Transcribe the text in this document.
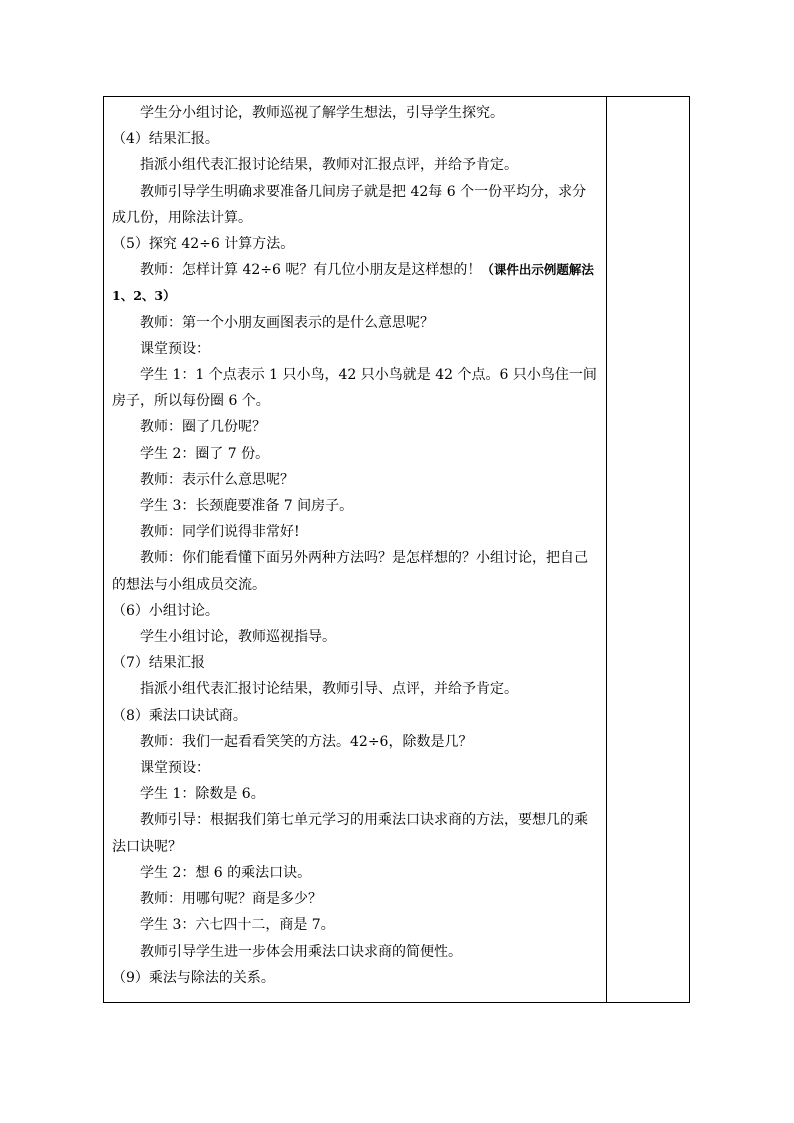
学生分小组讨论，教师巡视了解学生想法，引导学生探究。

（4）结果汇报。

指派小组代表汇报讨论结果，教师对汇报点评，并给予肯定。

教师引导学生明确求要准备几间房子就是把 42每 6 个一份平均分，求分成几份，用除法计算。

（5）探究 42÷6 计算方法。

教师：怎样计算 42÷6 呢？有几位小朋友是这样想的！（课件出示例题解法 1、2、3）

教师：第一个小朋友画图表示的是什么意思呢？

课堂预设：

学生 1：1 个点表示 1 只小鸟，42 只小鸟就是 42 个点。6 只小鸟住一间房子，所以每份圈 6 个。

教师：圈了几份呢？

学生 2：圈了 7 份。

教师：表示什么意思呢？

学生 3：长颈鹿要准备 7 间房子。

教师：同学们说得非常好!

教师：你们能看懂下面另外两种方法吗？是怎样想的？小组讨论，把自己的想法与小组成员交流。

（6）小组讨论。

学生小组讨论，教师巡视指导。

（7）结果汇报

指派小组代表汇报讨论结果，教师引导、点评，并给予肯定。

（8）乘法口诀试商。

教师：我们一起看看笑笑的方法。42÷6，除数是几？

课堂预设：

学生 1：除数是 6。

教师引导：根据我们第七单元学习的用乘法口诀求商的方法，要想几的乘法口诀呢？

学生 2：想 6 的乘法口诀。

教师：用哪句呢？商是多少？

学生 3：六七四十二，商是 7。

教师引导学生进一步体会用乘法口诀求商的简便性。

（9）乘法与除法的关系。
